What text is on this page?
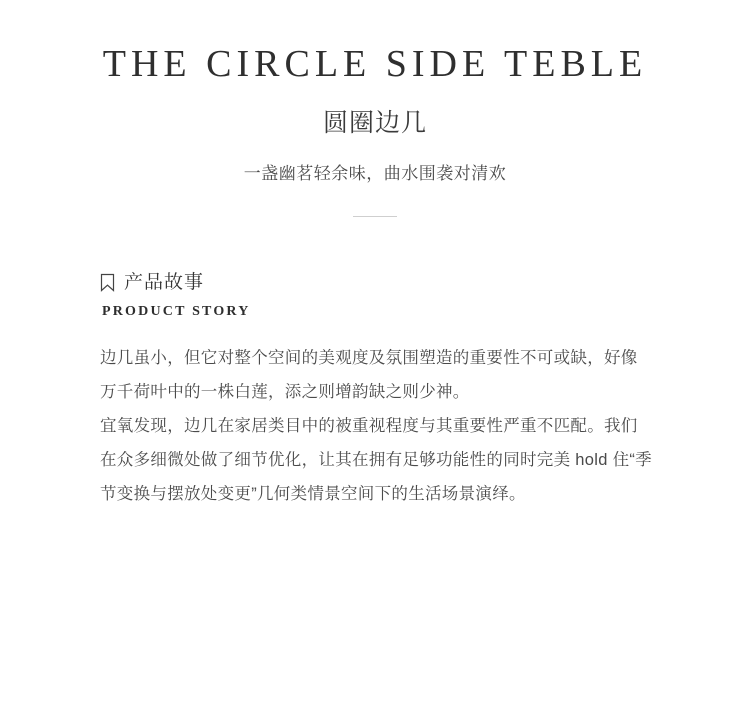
THE CIRCLE SIDE TEBLE
圆圈边几
一盏幽茗轻余味，曲水围袭对清欢
产品故事
PRODUCT STORY

边几虽小，但它对整个空间的美观度及氛围塑造的重要性不可或缺，好像万千荷叶中的一株白莲，添之则增韵缺之则少神。

宜氧发现，边几在家居类目中的被重视程度与其重要性严重不匹配。我们在众多细微处做了细节优化，让其在拥有足够功能性的同时完美 hold 住“季节变换与摆放处变更”几何类情景空间下的生活场景演绎。
